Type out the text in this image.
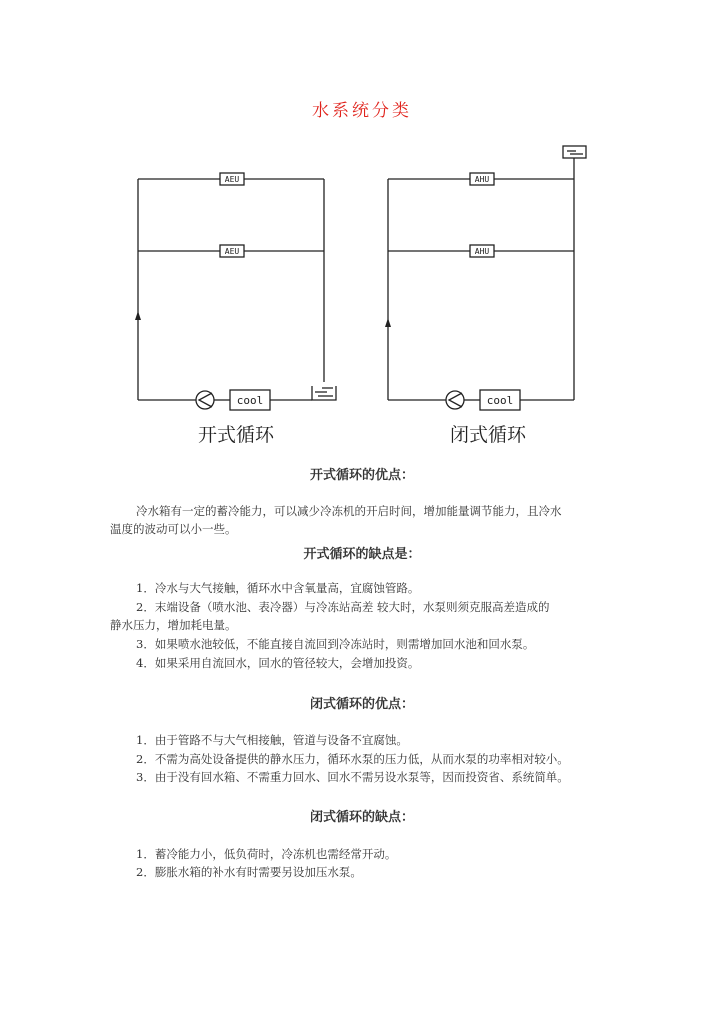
水系统分类
AEU
AEU
AHU
AHU
cool	cool
开式循环	闭式循环
开式循环的优点：
冷水箱有一定的蓄冷能力，可以减少冷冻机的开启时间，增加能量调节能力，且冷水
温度的波动可以小一些。
开式循环的缺点是：
1．冷水与大气接触，循环水中含氧量高，宜腐蚀管路。
2．末端设备（喷水池、表冷器）与冷冻站高差 较大时，水泵则须克服高差造成的
静水压力，增加耗电量。
3．如果喷水池较低，不能直接自流回到冷冻站时，则需增加回水池和回水泵。
4．如果采用自流回水，回水的管径较大，会增加投资。
闭式循环的优点：
1．由于管路不与大气相接触，管道与设备不宜腐蚀。
2．不需为高处设备提供的静水压力，循环水泵的压力低，从而水泵的功率相对较小。
3．由于没有回水箱、不需重力回水、回水不需另设水泵等，因而投资省、系统简单。
闭式循环的缺点：
1．蓄冷能力小，低负荷时，冷冻机也需经常开动。
2．膨胀水箱的补水有时需要另设加压水泵。
